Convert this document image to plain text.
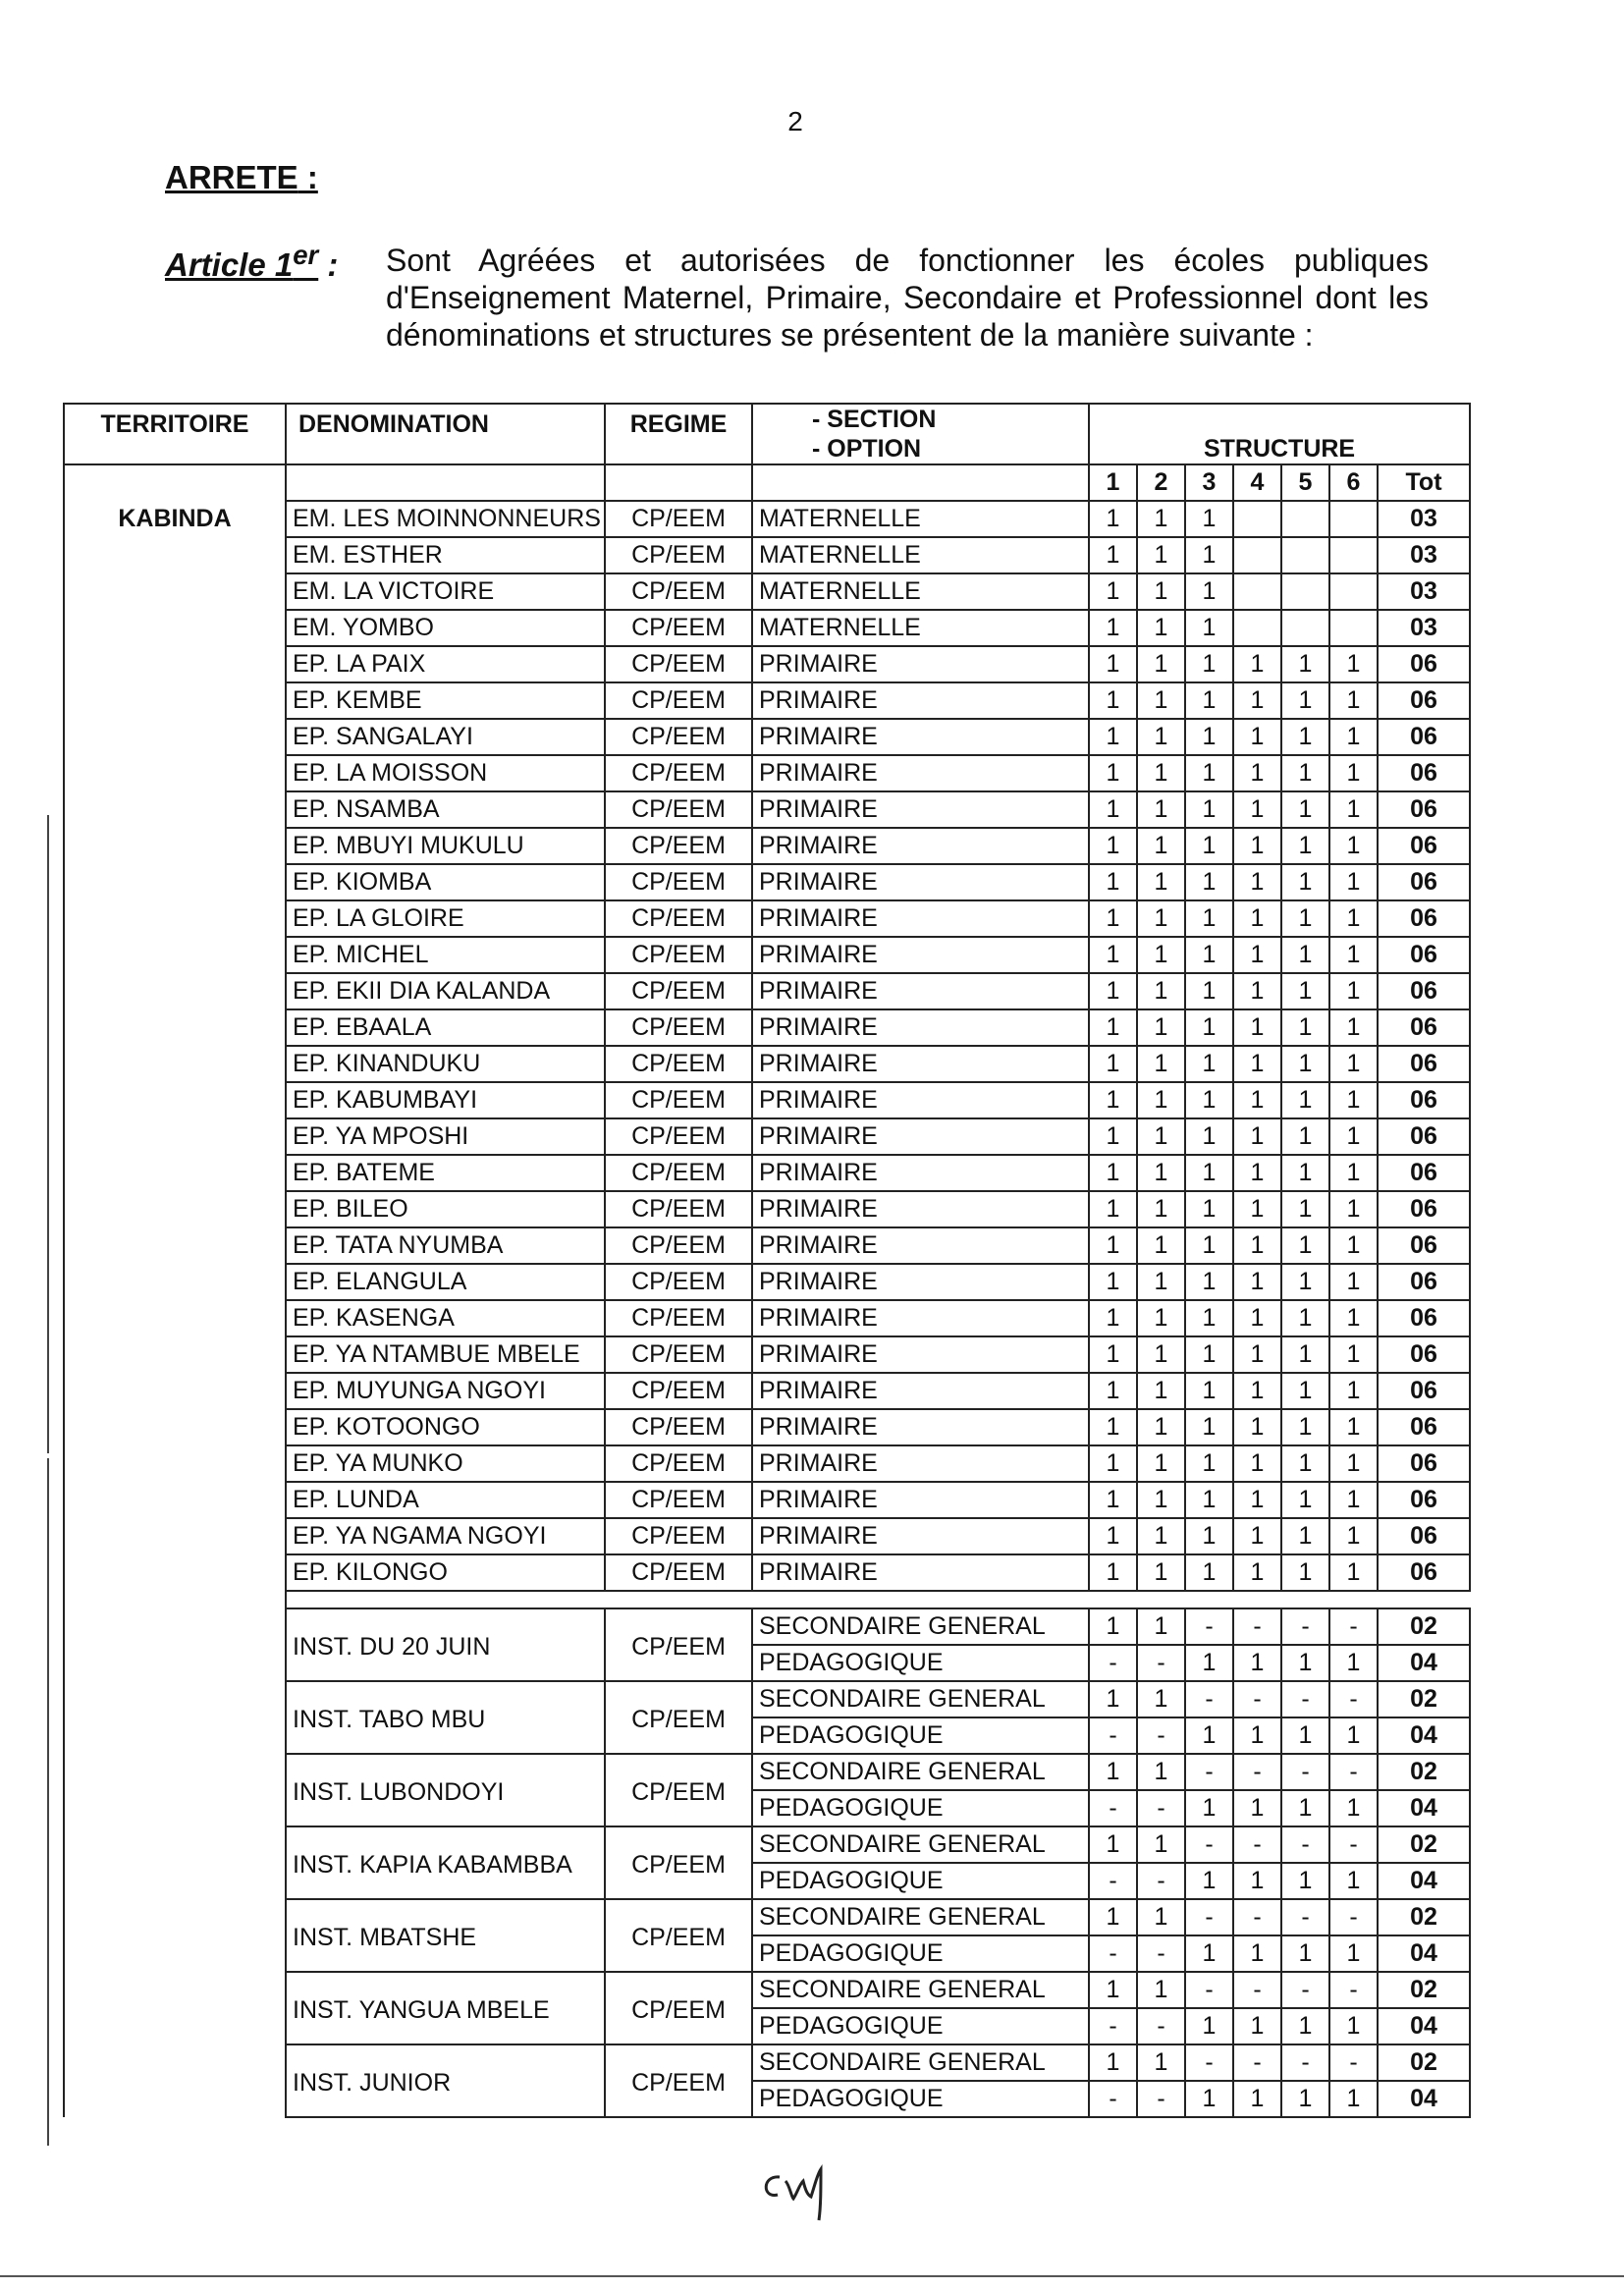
2
ARRETE :
Article 1er : Sont Agréées et autorisées de fonctionner les écoles publiques d'Enseignement Maternel, Primaire, Secondaire et Professionnel dont les dénominations et structures se présentent de la manière suivante :
TERRITOIRE	DENOMINATION	REGIME	- SECTION
- OPTION	STRUCTURE						
				1	2	3	4	5	6	Tot
KABINDA	EM. LES MOINNONNEURS	CP/EEM	MATERNELLE	1	1	1				03
	EM. ESTHER	CP/EEM	MATERNELLE	1	1	1				03
	EM. LA VICTOIRE	CP/EEM	MATERNELLE	1	1	1				03
	EM. YOMBO	CP/EEM	MATERNELLE	1	1	1				03
	EP. LA PAIX	CP/EEM	PRIMAIRE	1	1	1	1	1	1	06
	EP. KEMBE	CP/EEM	PRIMAIRE	1	1	1	1	1	1	06
	EP. SANGALAYI	CP/EEM	PRIMAIRE	1	1	1	1	1	1	06
	EP. LA MOISSON	CP/EEM	PRIMAIRE	1	1	1	1	1	1	06
	EP. NSAMBA	CP/EEM	PRIMAIRE	1	1	1	1	1	1	06
	EP. MBUYI MUKULU	CP/EEM	PRIMAIRE	1	1	1	1	1	1	06
	EP. KIOMBA	CP/EEM	PRIMAIRE	1	1	1	1	1	1	06
	EP. LA GLOIRE	CP/EEM	PRIMAIRE	1	1	1	1	1	1	06
	EP. MICHEL	CP/EEM	PRIMAIRE	1	1	1	1	1	1	06
	EP. EKII DIA KALANDA	CP/EEM	PRIMAIRE	1	1	1	1	1	1	06
	EP. EBAALA	CP/EEM	PRIMAIRE	1	1	1	1	1	1	06
	EP. KINANDUKU	CP/EEM	PRIMAIRE	1	1	1	1	1	1	06
	EP. KABUMBAYI	CP/EEM	PRIMAIRE	1	1	1	1	1	1	06
	EP. YA MPOSHI	CP/EEM	PRIMAIRE	1	1	1	1	1	1	06
	EP. BATEME	CP/EEM	PRIMAIRE	1	1	1	1	1	1	06
	EP. BILEO	CP/EEM	PRIMAIRE	1	1	1	1	1	1	06
	EP. TATA NYUMBA	CP/EEM	PRIMAIRE	1	1	1	1	1	1	06
	EP. ELANGULA	CP/EEM	PRIMAIRE	1	1	1	1	1	1	06
	EP. KASENGA	CP/EEM	PRIMAIRE	1	1	1	1	1	1	06
	EP. YA NTAMBUE MBELE	CP/EEM	PRIMAIRE	1	1	1	1	1	1	06
	EP. MUYUNGA NGOYI	CP/EEM	PRIMAIRE	1	1	1	1	1	1	06
	EP. KOTOONGO	CP/EEM	PRIMAIRE	1	1	1	1	1	1	06
	EP. YA MUNKO	CP/EEM	PRIMAIRE	1	1	1	1	1	1	06
	EP. LUNDA	CP/EEM	PRIMAIRE	1	1	1	1	1	1	06
	EP. YA NGAMA NGOYI	CP/EEM	PRIMAIRE	1	1	1	1	1	1	06
	EP. KILONGO	CP/EEM	PRIMAIRE	1	1	1	1	1	1	06

	INST. DU 20 JUIN	CP/EEM	SECONDAIRE GENERAL	1	1	-	-	-	-	02
			PEDAGOGIQUE	-	-	1	1	1	1	04
	INST. TABO MBU	CP/EEM	SECONDAIRE GENERAL	1	1	-	-	-	-	02
			PEDAGOGIQUE	-	-	1	1	1	1	04
	INST. LUBONDOYI	CP/EEM	SECONDAIRE GENERAL	1	1	-	-	-	-	02
			PEDAGOGIQUE	-	-	1	1	1	1	04
	INST. KAPIA KABAMBBA	CP/EEM	SECONDAIRE GENERAL	1	1	-	-	-	-	02
			PEDAGOGIQUE	-	-	1	1	1	1	04
	INST. MBATSHE	CP/EEM	SECONDAIRE GENERAL	1	1	-	-	-	-	02
			PEDAGOGIQUE	-	-	1	1	1	1	04
	INST. YANGUA MBELE	CP/EEM	SECONDAIRE GENERAL	1	1	-	-	-	-	02
			PEDAGOGIQUE	-	-	1	1	1	1	04
	INST. JUNIOR	CP/EEM	SECONDAIRE GENERAL	1	1	-	-	-	-	02
			PEDAGOGIQUE	-	-	1	1	1	1	04
